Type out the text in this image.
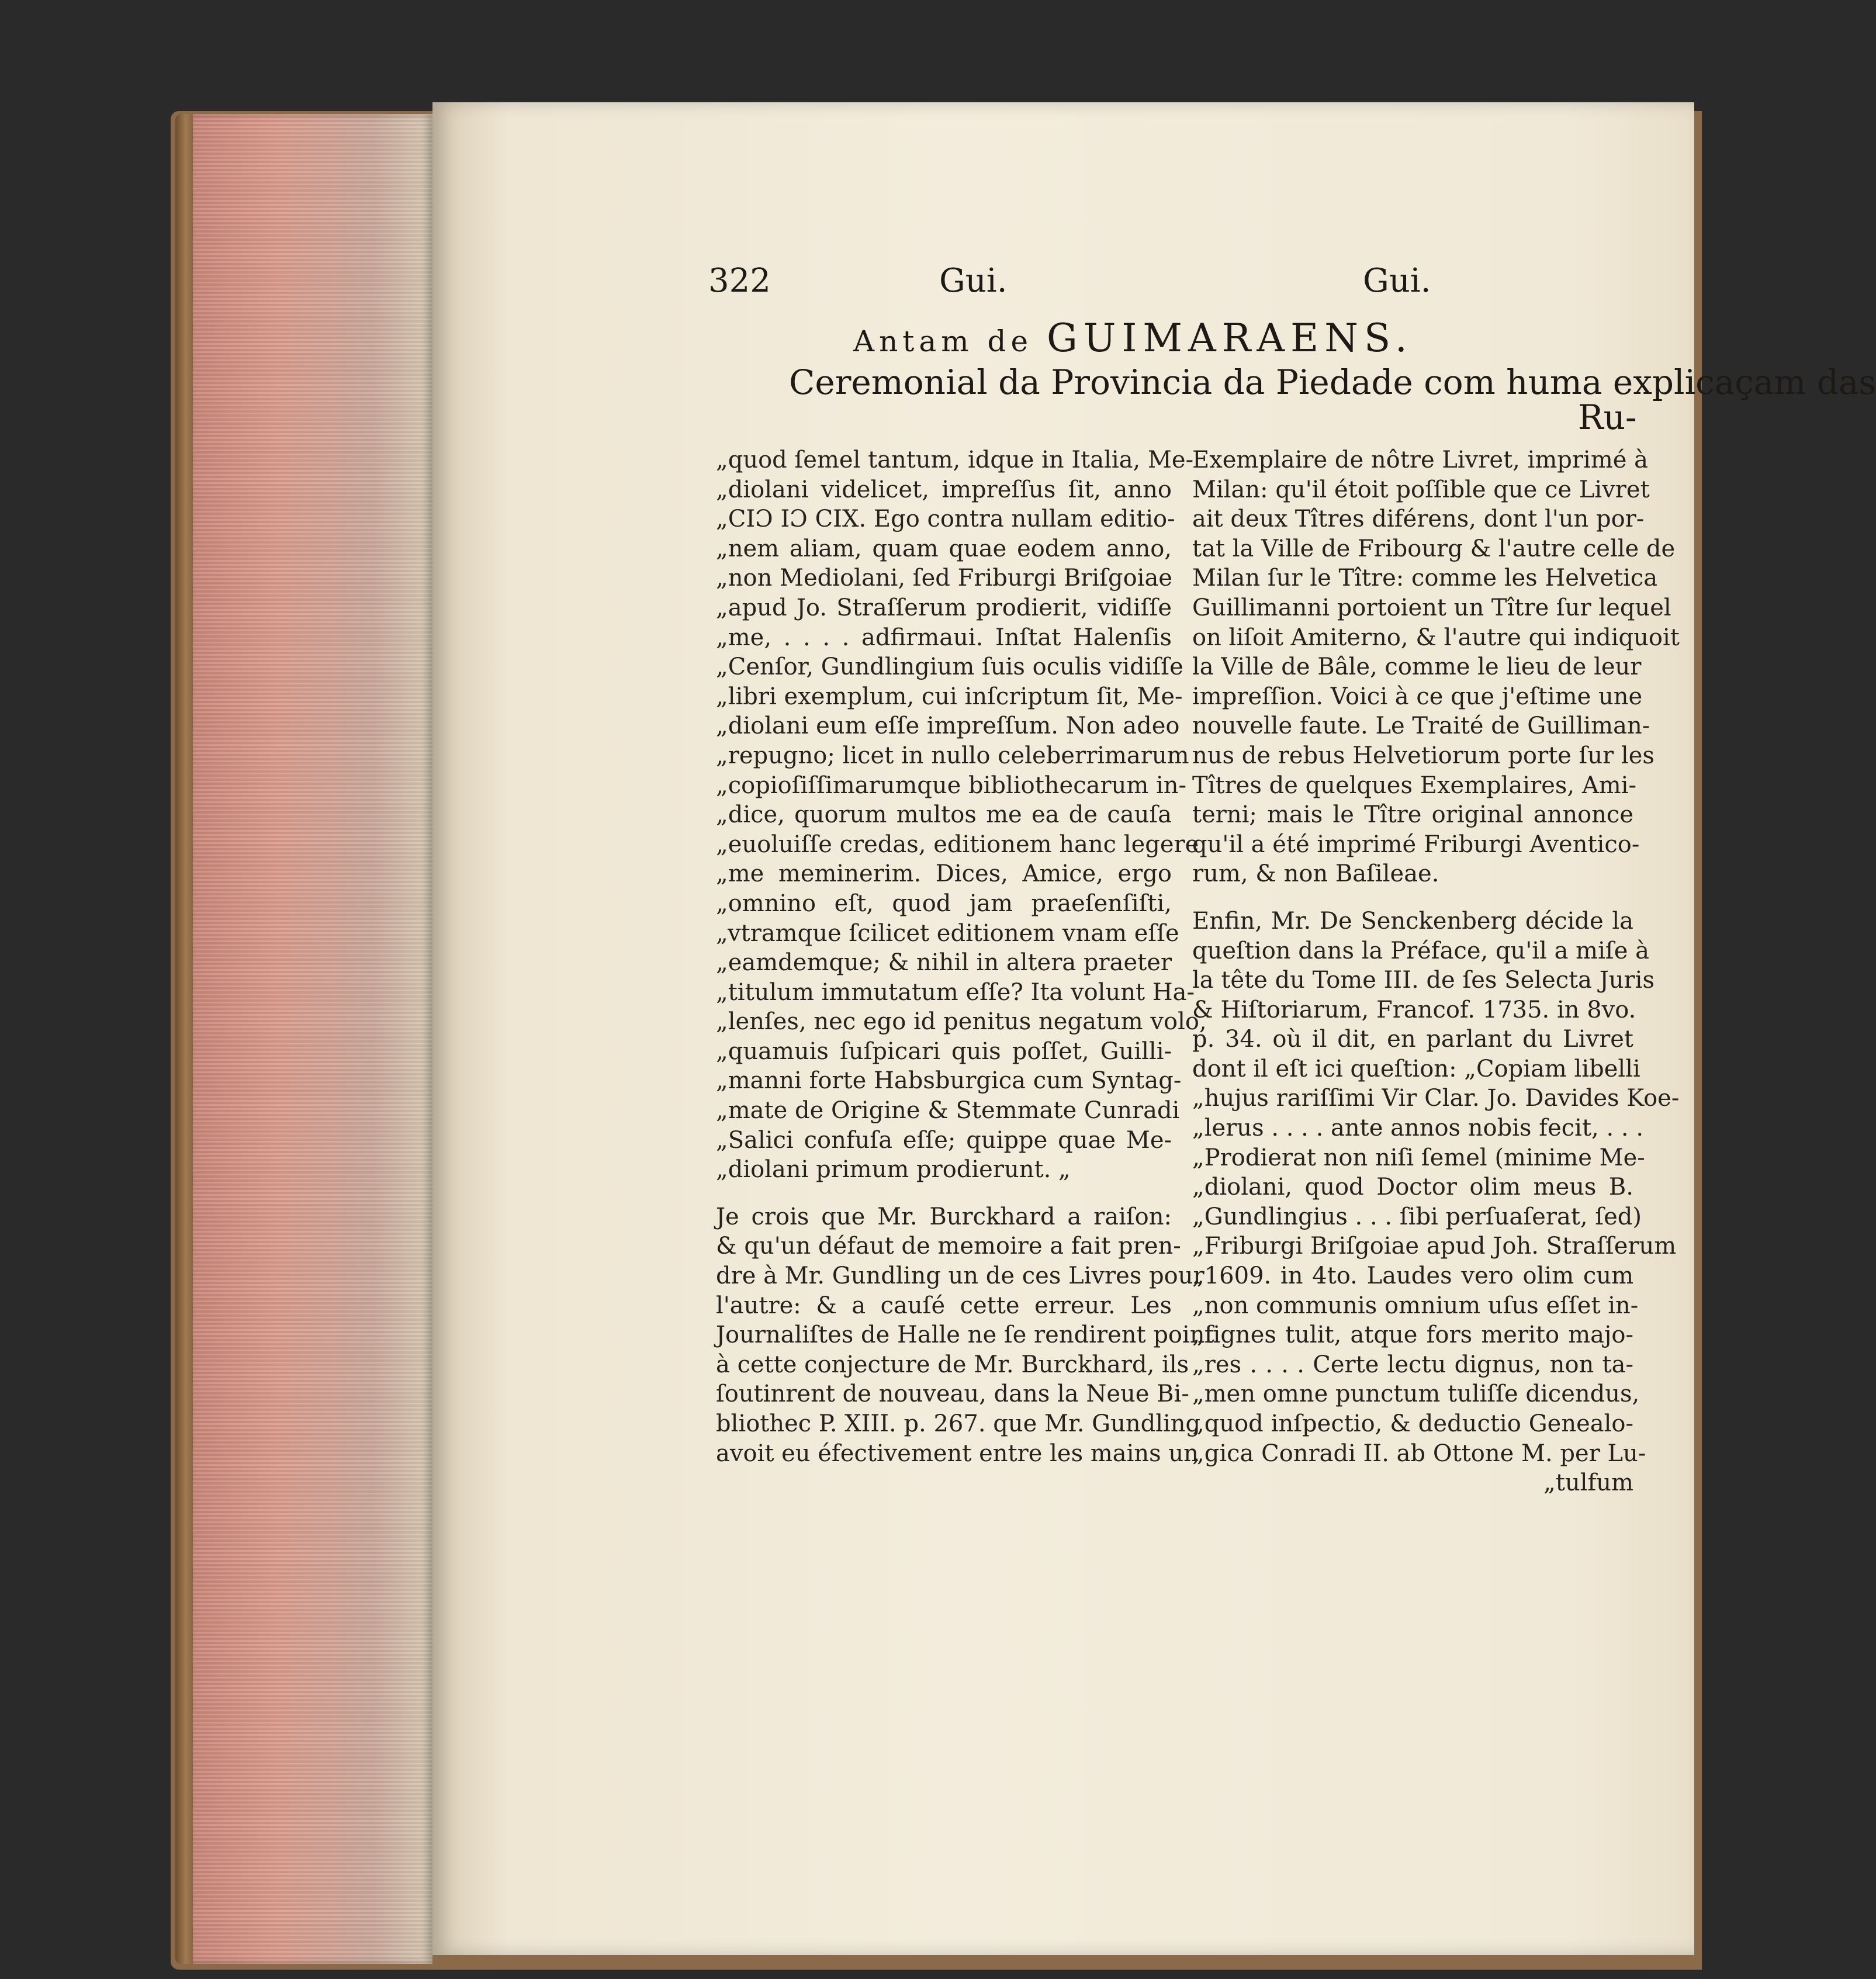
322	Gui.	Gui.
Antam de GUIMARAENS.
Ceremonial da Provincia da Piedade com huma explicaçam das
Ru-
„quod ſemel tantum, idque in Italia, Me-
„diolani videlicet, impreſſus ſit, anno
„CIƆ IƆ CIX. Ego contra nullam editio-
„nem aliam, quam quae eodem anno,
„non Mediolani, ſed Friburgi Briſgoiae
„apud Jo. Straſſerum prodierit, vidiſſe
„me, . . . . adfirmaui. Inſtat Halenſis
„Cenſor, Gundlingium ſuis oculis vidiſſe
„libri exemplum, cui inſcriptum ſit, Me-
„diolani eum eſſe impreſſum. Non adeo
„repugno; licet in nullo celeberrimarum
„copioſiſſimarumque bibliothecarum in-
„dice, quorum multos me ea de cauſa
„euoluiſſe credas, editionem hanc legere
„me meminerim. Dices, Amice, ergo
„omnino eſt, quod jam praeſenſiſti,
„vtramque ſcilicet editionem vnam eſſe
„eamdemque; & nihil in altera praeter
„titulum immutatum eſſe? Ita volunt Ha-
„lenſes, nec ego id penitus negatum volo,
„quamuis ſuſpicari quis poſſet, Guilli-
„manni forte Habsburgica cum Syntag-
„mate de Origine & Stemmate Cunradi
„Salici confuſa eſſe; quippe quae Me-
„diolani primum prodierunt. „
Je crois que Mr. Burckhard a raiſon:
& qu'un défaut de memoire a fait pren-
dre à Mr. Gundling un de ces Livres pour
l'autre: & a cauſé cette erreur. Les
Journaliſtes de Halle ne ſe rendirent point
à cette conjecture de Mr. Burckhard, ils
ſoutinrent de nouveau, dans la Neue Bi-
bliothec P. XIII. p. 267. que Mr. Gundling
avoit eu éfectivement entre les mains un
Exemplaire de nôtre Livret, imprimé à
Milan: qu'il étoit poſſible que ce Livret
ait deux Tîtres diférens, dont l'un por-
tat la Ville de Fribourg & l'autre celle de
Milan ſur le Tître: comme les Helvetica
Guillimanni portoient un Tître ſur lequel
on liſoit Amiterno, & l'autre qui indiquoit
la Ville de Bâle, comme le lieu de leur
impreſſion. Voici à ce que j'eſtime une
nouvelle faute. Le Traité de Guilliman-
nus de rebus Helvetiorum porte ſur les
Tîtres de quelques Exemplaires, Ami-
terni; mais le Tître original annonce
qu'il a été imprimé Friburgi Aventico-
rum, & non Baſileae.
Enfin, Mr. De Senckenberg décide la
queſtion dans la Préface, qu'il a miſe à
la tête du Tome III. de ſes Selecta Juris
& Hiſtoriarum, Francof. 1735. in 8vo.
p. 34. où il dit, en parlant du Livret
dont il eſt ici queſtion: „Copiam libelli
„hujus rariſſimi Vir Clar. Jo. Davides Koe-
„lerus . . . . ante annos nobis fecit, . . .
„Prodierat non niſi ſemel (minime Me-
„diolani, quod Doctor olim meus B.
„Gundlingius . . . ſibi perſuaſerat, ſed)
„Friburgi Briſgoiae apud Joh. Straſſerum
„1609. in 4to. Laudes vero olim cum
„non communis omnium uſus eſſet in-
„ſignes tulit, atque fors merito majo-
„res . . . . Certe lectu dignus, non ta-
„men omne punctum tuliſſe dicendus,
„quod inſpectio, & deductio Genealo-
„gica Conradi II. ab Ottone M. per Lu-
„tulfum
